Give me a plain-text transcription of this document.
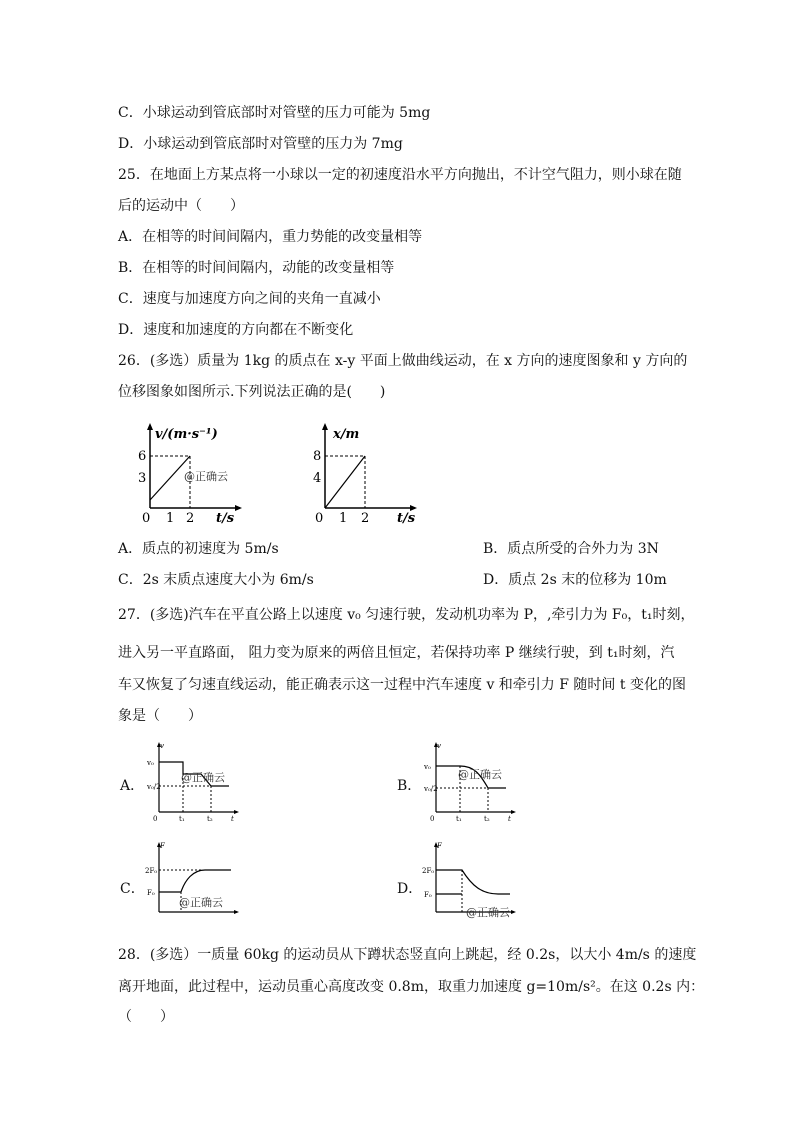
C．小球运动到管底部时对管壁的压力可能为 5mg
D．小球运动到管底部时对管壁的压力为 7mg
25．在地面上方某点将一小球以一定的初速度沿水平方向抛出，不计空气阻力，则小球在随
后的运动中（　　）
A．在相等的时间间隔内，重力势能的改变量相等
B．在相等的时间间隔内，动能的改变量相等
C．速度与加速度方向之间的夹角一直减小
D．速度和加速度的方向都在不断变化
26．(多选）质量为 1kg 的质点在 x-y 平面上做曲线运动，在 x 方向的速度图象和 y 方向的
位移图象如图所示.下列说法正确的是(　　)
v/(m·s⁻¹)
6
3
0 1 2 t/s
@正确云
x/m
8
4
0 1 2 t/s
A．质点的初速度为 5m/s	B．质点所受的合外力为 3N
C．2s 末质点速度大小为 6m/s	D．质点 2s 末的位移为 10m
27．(多选)汽车在平直公路上以速度 v₀ 匀速行驶，发动机功率为 P，,牵引力为 F₀，t₁时刻，
进入另一平直路面， 阻力变为原来的两倍且恒定，若保持功率 P 继续行驶，到 t₁时刻，汽
车又恢复了匀速直线运动，能正确表示这一过程中汽车速度 v 和牵引力 F 随时间 t 变化的图
象是（　　）
A．
v
v₀
v₀/2
0	t₁	t₂	t
@正确云
B．
v
v₀
v₀/2
0	t₁	t₂	t
@正确云
C．
F
2F₀
F₀
@正确云
D．
F
2F₀
F₀
@正确云
28．(多选）一质量 60kg 的运动员从下蹲状态竖直向上跳起，经 0.2s，以大小 4m/s 的速度
离开地面，此过程中，运动员重心高度改变 0.8m，取重力加速度 g=10m/s²。在这 0.2s 内：
（　　）
